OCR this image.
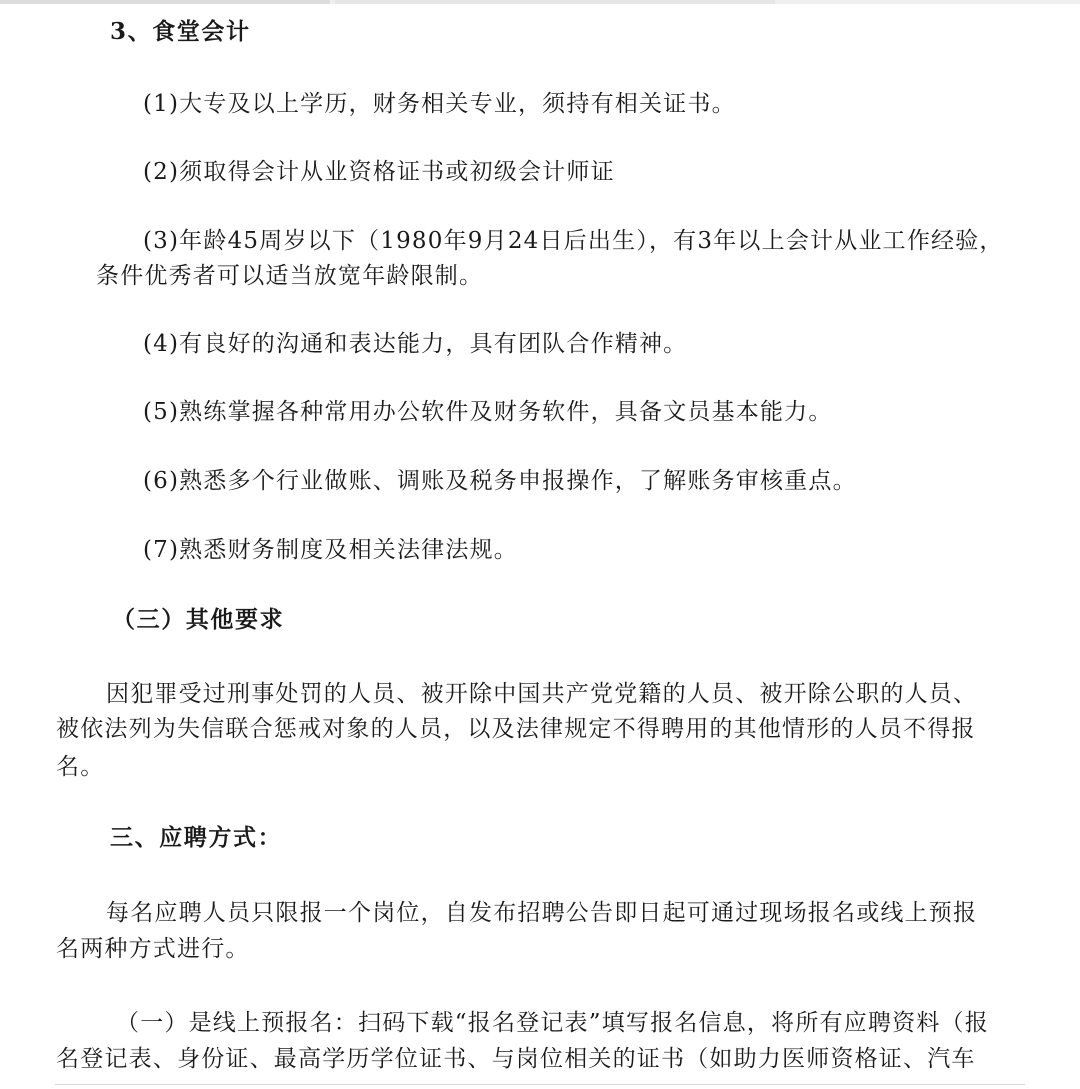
3、食堂会计
(1)大专及以上学历，财务相关专业，须持有相关证书。
(2)须取得会计从业资格证书或初级会计师证
(3)年龄45周岁以下（1980年9月24日后出生），有3年以上会计从业工作经验，
条件优秀者可以适当放宽年龄限制。
(4)有良好的沟通和表达能力，具有团队合作精神。
(5)熟练掌握各种常用办公软件及财务软件，具备文员基本能力。
(6)熟悉多个行业做账、调账及税务申报操作，了解账务审核重点。
(7)熟悉财务制度及相关法律法规。
（三）其他要求
因犯罪受过刑事处罚的人员、被开除中国共产党党籍的人员、被开除公职的人员、
被依法列为失信联合惩戒对象的人员，以及法律规定不得聘用的其他情形的人员不得报
名。
三、应聘方式：
每名应聘人员只限报一个岗位，自发布招聘公告即日起可通过现场报名或线上预报
名两种方式进行。
（一）是线上预报名：扫码下载“报名登记表”填写报名信息，将所有应聘资料（报
名登记表、身份证、最高学历学位证书、与岗位相关的证书（如助力医师资格证、汽车
